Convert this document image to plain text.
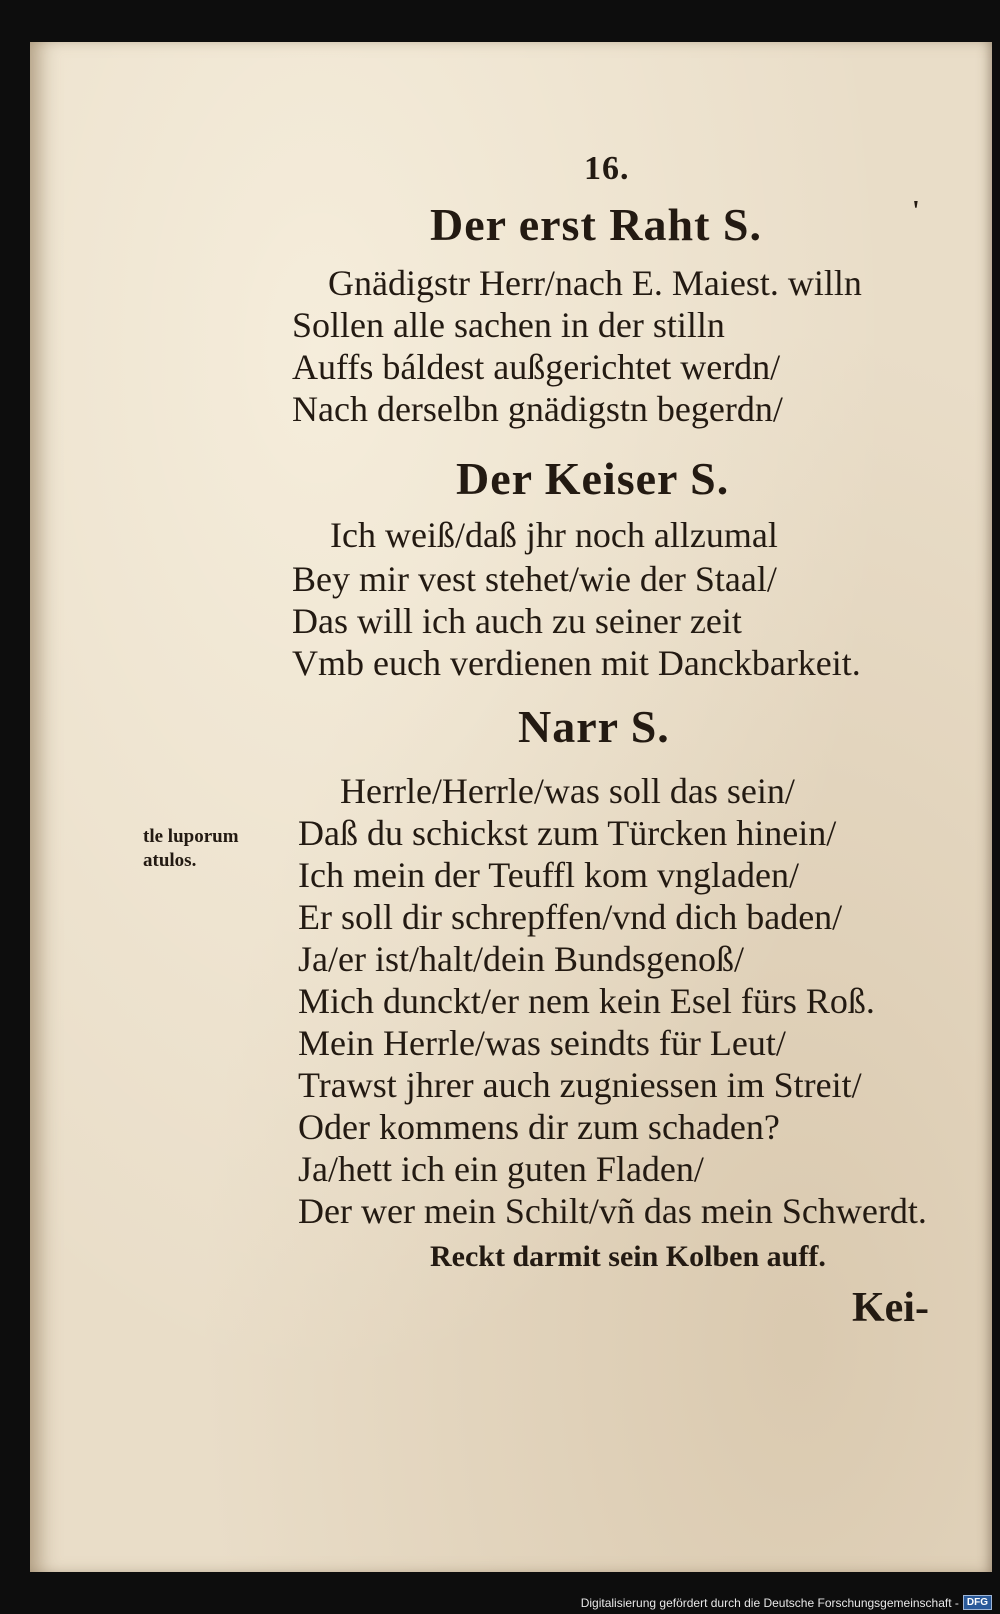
16.
'
Der erst Raht S.
Gnädigstr Herr/nach E. Maiest. willn
Sollen alle sachen in der stilln
Auffs báldest außgerichtet werdn/
Nach derselbn gnädigstn begerdn/
Der Keiser S.
Ich weiß/daß jhr noch allzumal
Bey mir vest stehet/wie der Staal/
Das will ich auch zu seiner zeit
Vmb euch verdienen mit Danckbarkeit.
Narr S.
Herrle/Herrle/was soll das sein/
Daß du schickst zum Türcken hinein/
Ich mein der Teuffl kom vngladen/
Er soll dir schrepffen/vnd dich baden/
Ja/er ist/halt/dein Bundsgenoß/
Mich dunckt/er nem kein Esel fürs Roß.
Mein Herrle/was seindts für Leut/
Trawst jhrer auch zugniessen im Streit/
Oder kommens dir zum schaden?
Ja/hett ich ein guten Fladen/
Der wer mein Schilt/vñ das mein Schwerdt.
tle luporum
atulos.
Reckt darmit sein Kolben auff.
Kei-
Digitalisierung gefördert durch die Deutsche Forschungsgemeinschaft - DFG
